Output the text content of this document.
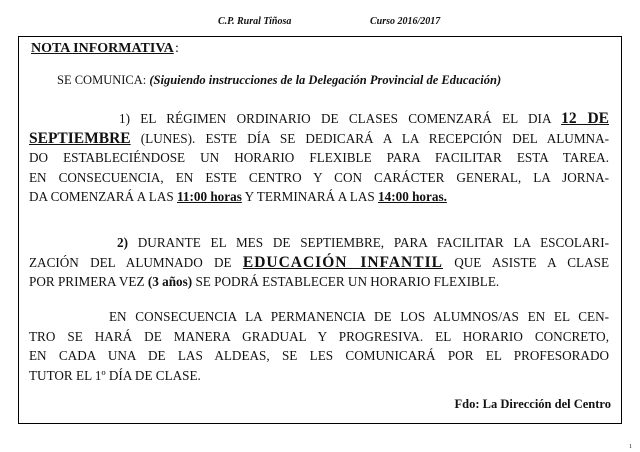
C.P. Rural Tiñosa	Curso 2016/2017
NOTA INFORMATIVA :
SE COMUNICA: (Siguiendo instrucciones de la Delegación Provincial de Educación)
1) EL RÉGIMEN ORDINARIO DE CLASES COMENZARÁ EL DIA 12 DE
SEPTIEMBRE (LUNES). ESTE DÍA SE DEDICARÁ A LA RECEPCIÓN DEL ALUMNA-
DO ESTABLECIÉNDOSE UN HORARIO FLEXIBLE PARA FACILITAR ESTA TAREA.
EN CONSECUENCIA, EN ESTE CENTRO Y CON CARÁCTER GENERAL, LA JORNA-
DA COMENZARÁ A LAS 11:00 horas Y TERMINARÁ A LAS 14:00 horas.
2) DURANTE EL MES DE SEPTIEMBRE, PARA FACILITAR LA ESCOLARI-
ZACIÓN DEL ALUMNADO DE EDUCACIÓN INFANTIL QUE ASISTE A CLASE
POR PRIMERA VEZ (3 años) SE PODRÁ ESTABLECER UN HORARIO FLEXIBLE.
EN CONSECUENCIA LA PERMANENCIA DE LOS ALUMNOS/AS EN EL CEN-
TRO SE HARÁ DE MANERA GRADUAL Y PROGRESIVA. EL HORARIO CONCRETO,
EN CADA UNA DE LAS ALDEAS, SE LES COMUNICARÁ POR EL PROFESORADO
TUTOR EL 1º DÍA DE CLASE.
Fdo: La Dirección del Centro
1
